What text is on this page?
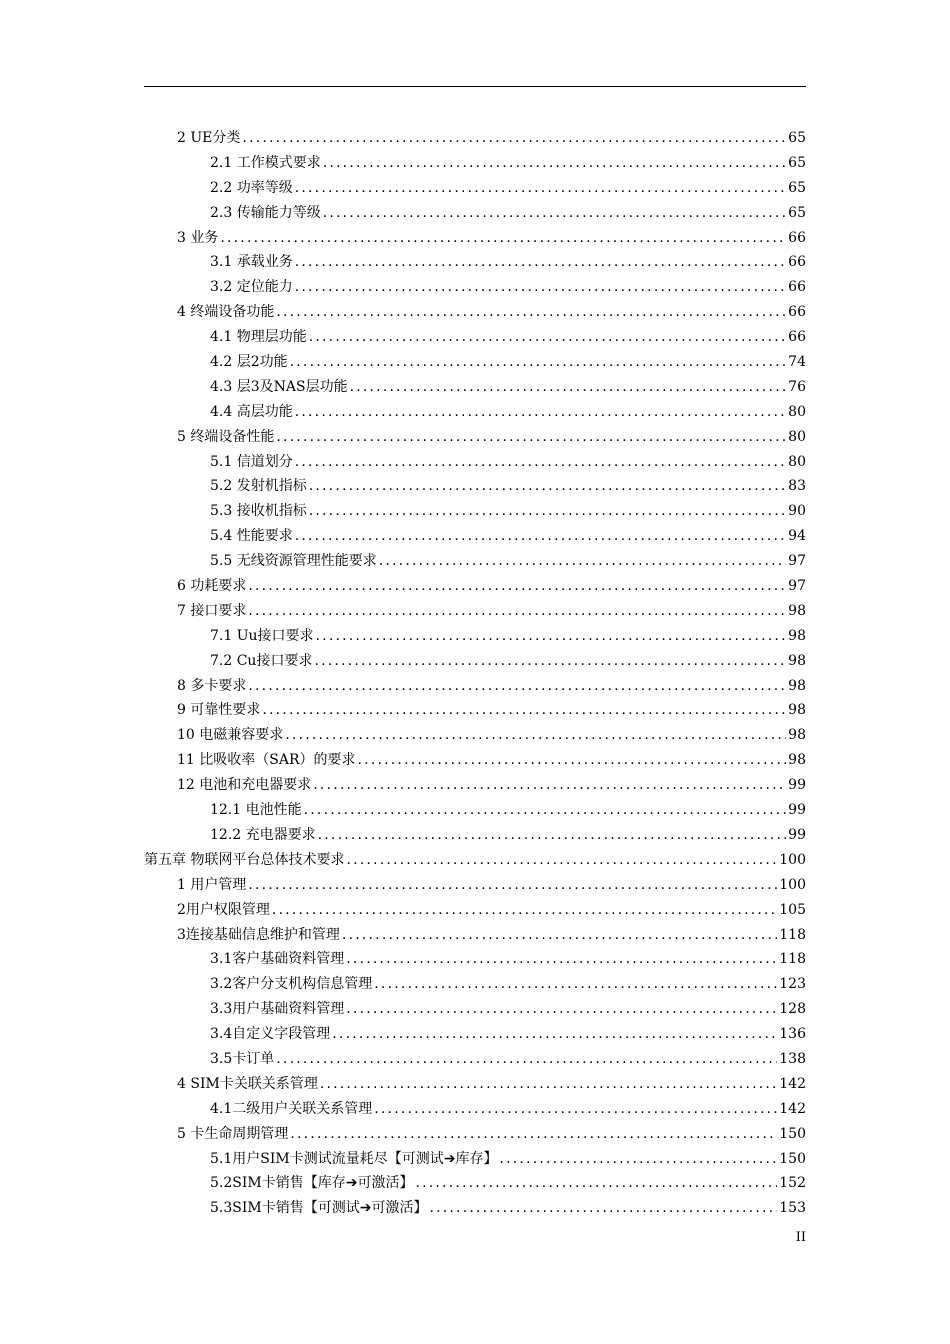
2 UE分类 .....	65
2.1 工作模式要求 .....	65
2.2 功率等级 .....	65
2.3 传输能力等级 .....	65
3 业务 .....	66
3.1 承载业务 .....	66
3.2 定位能力 .....	66
4 终端设备功能 .....	66
4.1 物理层功能 .....	66
4.2 层2功能 .....	74
4.3 层3及NAS层功能 .....	76
4.4 高层功能 .....	80
5 终端设备性能 .....	80
5.1 信道划分 .....	80
5.2 发射机指标 .....	83
5.3 接收机指标 .....	90
5.4 性能要求 .....	94
5.5 无线资源管理性能要求 .....	97
6 功耗要求 .....	97
7 接口要求 .....	98
7.1 Uu接口要求 .....	98
7.2 Cu接口要求 .....	98
8 多卡要求 .....	98
9 可靠性要求 .....	98
10 电磁兼容要求 .....	98
11 比吸收率（SAR）的要求 .....	98
12 电池和充电器要求 .....	99
12.1 电池性能 .....	99
12.2 充电器要求 .....	99
第五章 物联网平台总体技术要求 .....	100
1 用户管理 .....	100
2用户权限管理 .....	105
3连接基础信息维护和管理 .....	118
3.1客户基础资料管理 .....	118
3.2客户分支机构信息管理 .....	123
3.3用户基础资料管理 .....	128
3.4自定义字段管理 .....	136
3.5卡订单 .....	138
4 SIM卡关联关系管理 .....	142
4.1二级用户关联关系管理 .....	142
5 卡生命周期管理 .....	150
5.1用户SIM卡测试流量耗尽【可测试➔库存】 .....	150
5.2SIM卡销售【库存➔可激活】 .....	152
5.3SIM卡销售【可测试➔可激活】 .....	153
II
